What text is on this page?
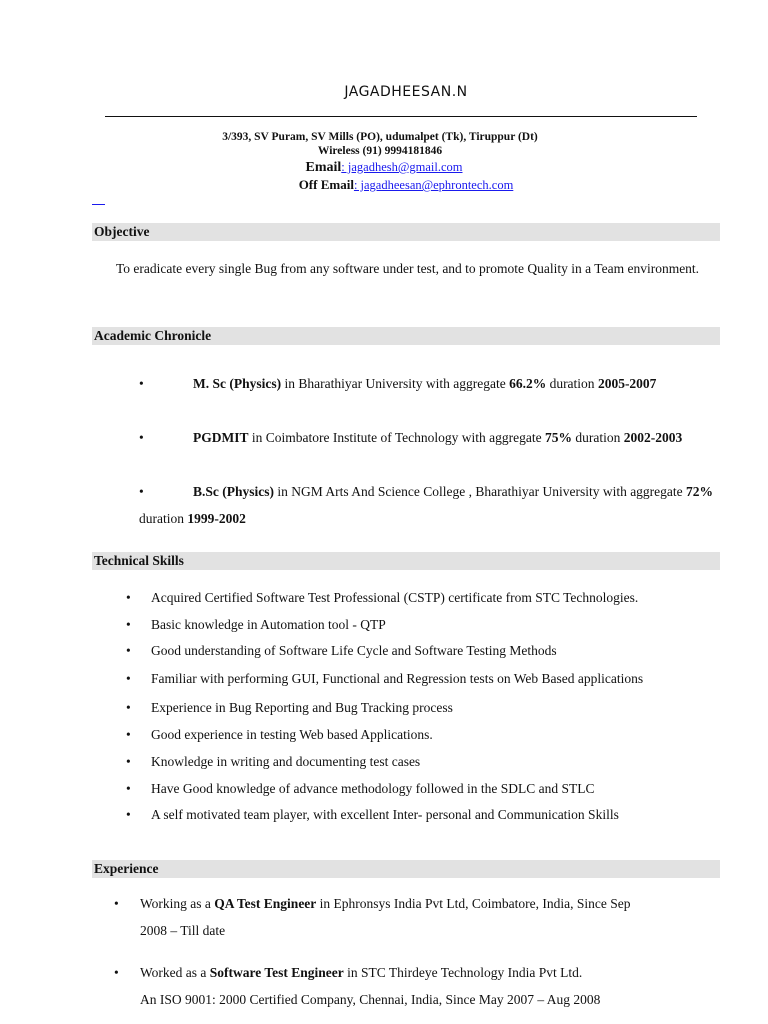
JAGADHEESAN.N
3/393, SV Puram, SV Mills (PO), udumalpet (Tk), Tiruppur (Dt)
Wireless (91) 9994181846
Email: jagadhesh@gmail.com
Off Email: jagadheesan@ephrontech.com
Objective
To eradicate every single Bug from any software under test, and to promote Quality in a Team environment.
Academic Chronicle
•	M. Sc (Physics) in Bharathiyar University with aggregate 66.2% duration 2005-2007
•	PGDMIT in Coimbatore Institute of Technology with aggregate 75% duration 2002-2003
•	B.Sc (Physics) in NGM Arts And Science College , Bharathiyar University with aggregate 72% duration 1999-2002
Technical Skills
• Acquired Certified Software Test Professional (CSTP) certificate from STC Technologies.
• Basic knowledge in Automation tool - QTP
• Good understanding of Software Life Cycle and Software Testing Methods
• Familiar with performing GUI, Functional and Regression tests on Web Based applications
• Experience in Bug Reporting and Bug Tracking process
• Good experience in testing Web based Applications.
• Knowledge in writing and documenting test cases
• Have Good knowledge of advance methodology followed in the SDLC and STLC
• A self motivated team player, with excellent Inter- personal and Communication Skills
Experience
• Working as a QA Test Engineer in Ephronsys India Pvt Ltd, Coimbatore, India, Since Sep
2008 – Till date
• Worked as a Software Test Engineer in STC Thirdeye Technology India Pvt Ltd.
An ISO 9001: 2000 Certified Company, Chennai, India, Since May 2007 – Aug 2008
